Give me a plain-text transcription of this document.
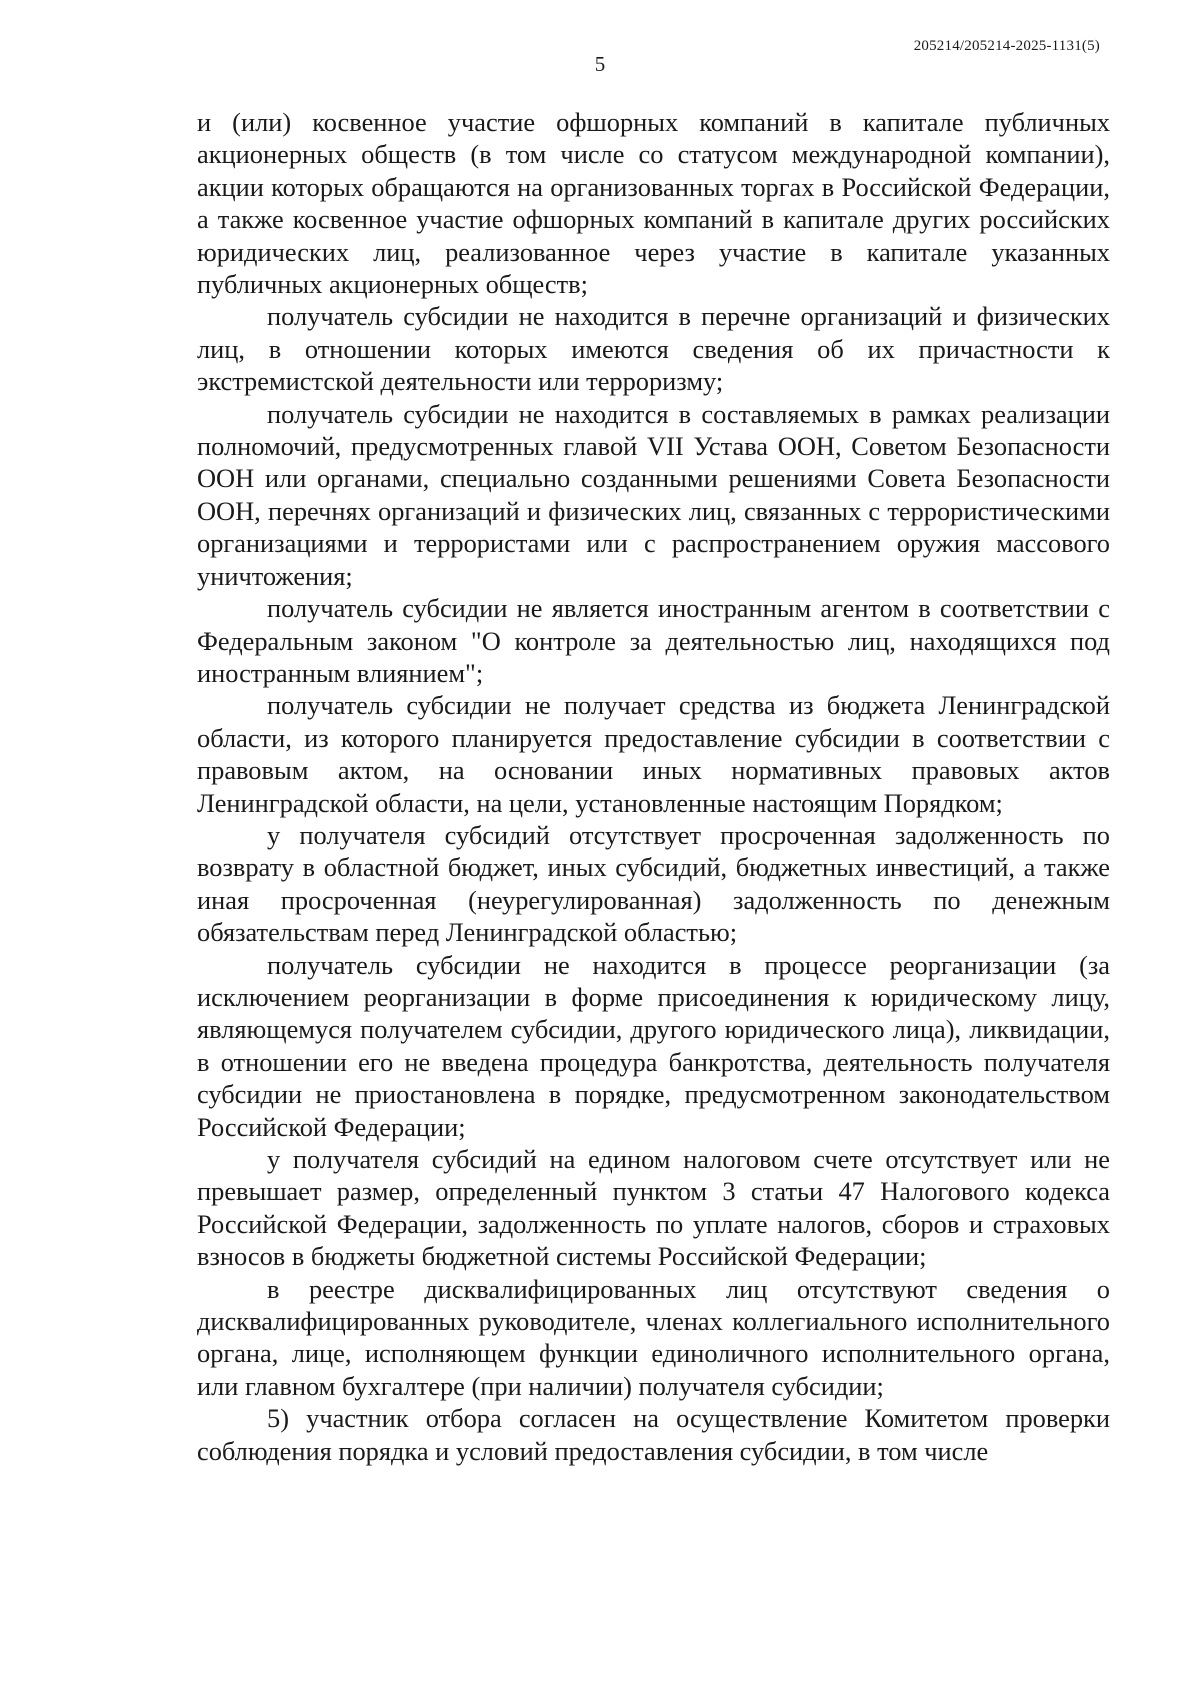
205214/205214-2025-1131(5)
5

и (или) косвенное участие офшорных компаний в капитале публичных акционерных обществ (в том числе со статусом международной компании), акции которых обращаются на организованных торгах в Российской Федерации, а также косвенное участие офшорных компаний в капитале других российских юридических лиц, реализованное через участие в капитале указанных публичных акционерных обществ;

получатель субсидии не находится в перечне организаций и физических лиц, в отношении которых имеются сведения об их причастности к экстремистской деятельности или терроризму;

получатель субсидии не находится в составляемых в рамках реализации полномочий, предусмотренных главой VII Устава ООН, Советом Безопасности ООН или органами, специально созданными решениями Совета Безопасности ООН, перечнях организаций и физических лиц, связанных с террористическими организациями и террористами или с распространением оружия массового уничтожения;

получатель субсидии не является иностранным агентом в соответствии с Федеральным законом "О контроле за деятельностью лиц, находящихся под иностранным влиянием";

получатель субсидии не получает средства из бюджета Ленинградской области, из которого планируется предоставление субсидии в соответствии с правовым актом, на основании иных нормативных правовых актов Ленинградской области, на цели, установленные настоящим Порядком;

у получателя субсидий отсутствует просроченная задолженность по возврату в областной бюджет, иных субсидий, бюджетных инвестиций, а также иная просроченная (неурегулированная) задолженность по денежным обязательствам перед Ленинградской областью;

получатель субсидии не находится в процессе реорганизации (за исключением реорганизации в форме присоединения к юридическому лицу, являющемуся получателем субсидии, другого юридического лица), ликвидации, в отношении его не введена процедура банкротства, деятельность получателя субсидии не приостановлена в порядке, предусмотренном законодательством Российской Федерации;

у получателя субсидий на едином налоговом счете отсутствует или не превышает размер, определенный пунктом 3 статьи 47 Налогового кодекса Российской Федерации, задолженность по уплате налогов, сборов и страховых взносов в бюджеты бюджетной системы Российской Федерации;

в реестре дисквалифицированных лиц отсутствуют сведения о дисквалифицированных руководителе, членах коллегиального исполнительного органа, лице, исполняющем функции единоличного исполнительного органа, или главном бухгалтере (при наличии) получателя субсидии;

5) участник отбора согласен на осуществление Комитетом проверки соблюдения порядка и условий предоставления субсидии, в том числе
